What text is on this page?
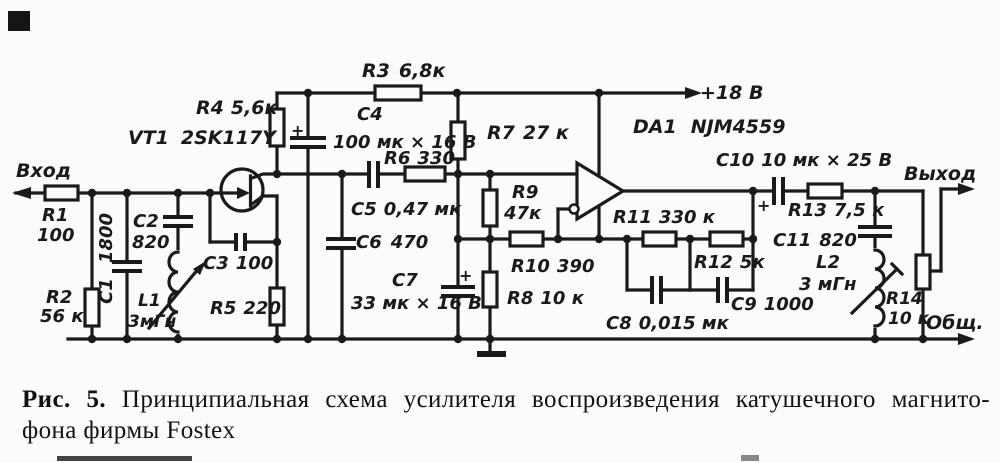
Вход	Выход
+18 В
Общ.
R1
100
R2
56 к
1800
С1
С2
820
L1
3мГн
С3 100
R5 220
VT1 2SK117Y
R4 5,6к
R3 6,8к
С4
100 мк × 16 В
R6 330
С5 0,47 мк
С6 470
С7
33 мк × 16 В
R7 27 к
R9
47к
R10 390
R8 10 к
DA1 NJM4559
R11 330 к
R12 5к
С9 1000
С8 0,015 мк
С10 10 мк × 25 В
R13 7,5 к
С11 820
L2
3 мГн
R14
10 к
+
+
+
Рис. 5. Принципиальная схема усилителя воспроизведения катушечного магнито-
фона фирмы Fostex
